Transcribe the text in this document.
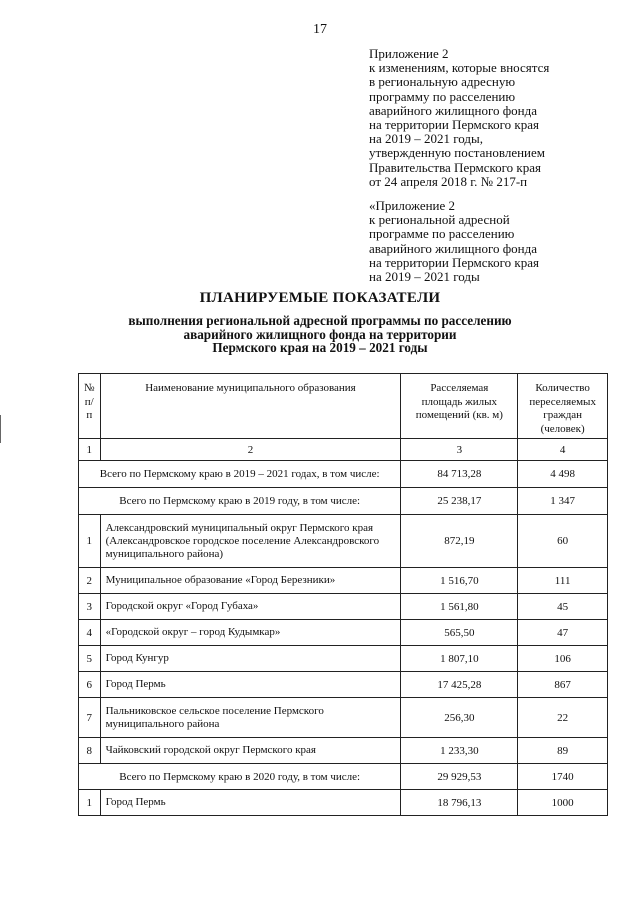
17
Приложение 2
к изменениям, которые вносятся
в региональную адресную
программу по расселению
аварийного жилищного фонда
на территории Пермского края
на 2019 – 2021 годы,
утвержденную постановлением
Правительства Пермского края
от 24 апреля 2018 г. № 217-п
«Приложение 2
к региональной адресной
программе по расселению
аварийного жилищного фонда
на территории Пермского края
на 2019 – 2021 годы
ПЛАНИРУЕМЫЕ ПОКАЗАТЕЛИ
выполнения региональной адресной программы по расселению
аварийного жилищного фонда на территории
Пермского края на 2019 – 2021 годы
№
п/п	Наименование муниципального образования	Расселяемая
площадь жилых
помещений (кв. м)	Количество
переселяемых
граждан
(человек)
1	2	3	4
Всего по Пермскому краю в 2019 – 2021 годах, в том числе:		84 713,28	4 498
Всего по Пермскому краю в 2019 году, в том числе:		25 238,17	1 347
1	Александровский муниципальный округ Пермского края (Александровское городское поселение Александровского муниципального района)	872,19	60
2	Муниципальное образование «Город Березники»	1 516,70	111
3	Городской округ «Город Губаха»	1 561,80	45
4	«Городской округ – город Кудымкар»	565,50	47
5	Город Кунгур	1 807,10	106
6	Город Пермь	17 425,28	867
7	Пальниковское сельское поселение Пермского муниципального района	256,30	22
8	Чайковский городской округ Пермского края	1 233,30	89
Всего по Пермскому краю в 2020 году, в том числе:		29 929,53	1740
1	Город Пермь	18 796,13	1000
